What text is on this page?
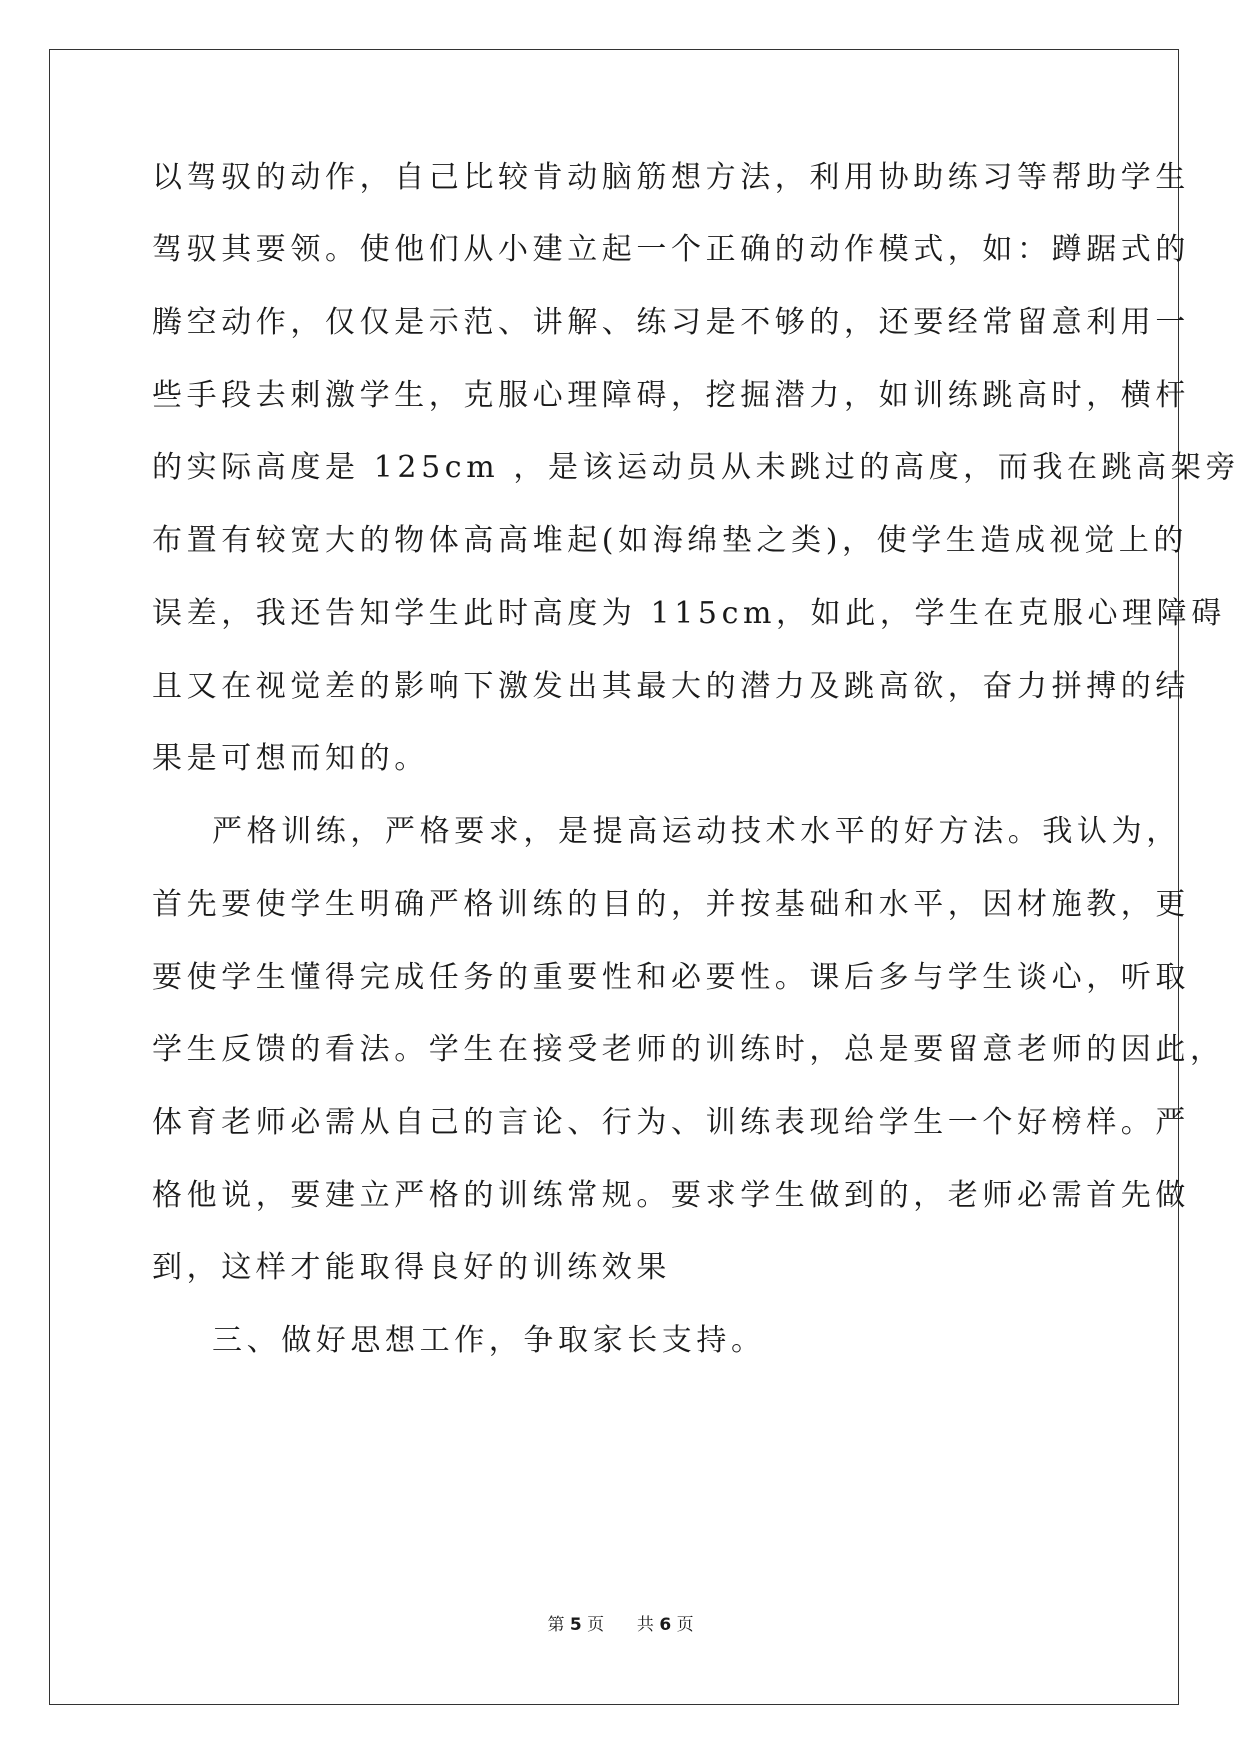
以驾驭的动作，自己比较肯动脑筋想方法，利用协助练习等帮助学生
驾驭其要领。使他们从小建立起一个正确的动作模式，如：蹲踞式的
腾空动作，仅仅是示范、讲解、练习是不够的，还要经常留意利用一
些手段去刺激学生，克服心理障碍，挖掘潜力，如训练跳高时，横杆
的实际高度是 125cm ，是该运动员从未跳过的高度，而我在跳高架旁
布置有较宽大的物体高高堆起(如海绵垫之类)，使学生造成视觉上的
误差，我还告知学生此时高度为 115cm，如此，学生在克服心理障碍
且又在视觉差的影响下激发出其最大的潜力及跳高欲，奋力拼搏的结
果是可想而知的。
严格训练，严格要求，是提高运动技术水平的好方法。我认为，
首先要使学生明确严格训练的目的，并按基础和水平，因材施教，更
要使学生懂得完成任务的重要性和必要性。课后多与学生谈心，听取
学生反馈的看法。学生在接受老师的训练时，总是要留意老师的因此，
体育老师必需从自己的言论、行为、训练表现给学生一个好榜样。严
格他说，要建立严格的训练常规。要求学生做到的，老师必需首先做
到，这样才能取得良好的训练效果
三、做好思想工作，争取家长支持。
第 5 页 共 6 页
